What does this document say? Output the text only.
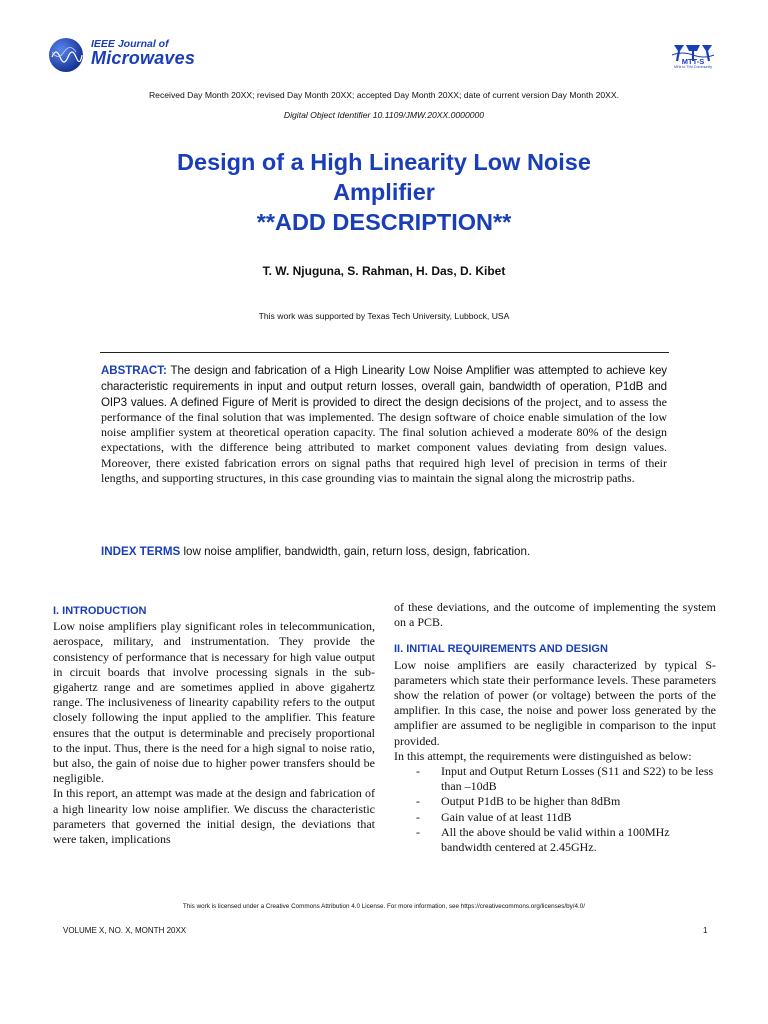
IEEE Journal of
Microwaves	MTT-S
MHz to THz Community
Received Day Month 20XX; revised Day Month 20XX; accepted Day Month 20XX; date of current version Day Month 20XX.
Digital Object Identifier 10.1109/JMW.20XX.0000000
Design of a High Linearity Low Noise
Amplifier
**ADD DESCRIPTION**
T. W. Njuguna, S. Rahman, H. Das, D. Kibet
This work was supported by Texas Tech University, Lubbock, USA
ABSTRACT: The design and fabrication of a High Linearity Low Noise Amplifier was attempted to achieve key characteristic requirements in input and output return losses, overall gain, bandwidth of operation, P1dB and OIP3 values. A defined Figure of Merit is provided to direct the design decisions of the project, and to assess the performance of the final solution that was implemented. The design software of choice enable simulation of the low noise amplifier system at theoretical operation capacity. The final solution achieved a moderate 80% of the design expectations, with the difference being attributed to market component values deviating from design values. Moreover, there existed fabrication errors on signal paths that required high level of precision in terms of their lengths, and supporting structures, in this case grounding vias to maintain the signal along the microstrip paths.
INDEX TERMS low noise amplifier, bandwidth, gain, return loss, design, fabrication.
I. INTRODUCTION

Low noise amplifiers play significant roles in telecommunication, aerospace, military, and instrumentation. They provide the consistency of performance that is necessary for high value output in circuit boards that involve processing signals in the sub-gigahertz range and are sometimes applied in above gigahertz range. The inclusiveness of linearity capability refers to the output closely following the input applied to the amplifier. This feature ensures that the output is determinable and precisely proportional to the input. Thus, there is the need for a high signal to noise ratio, but also, the gain of noise due to higher power transfers should be negligible.

In this report, an attempt was made at the design and fabrication of a high linearity low noise amplifier. We discuss the characteristic parameters that governed the initial design, the deviations that were taken, implications

of these deviations, and the outcome of implementing the system on a PCB.

II. INITIAL REQUIREMENTS AND DESIGN

Low noise amplifiers are easily characterized by typical S-parameters which state their performance levels. These parameters show the relation of power (or voltage) between the ports of the amplifier. In this case, the noise and power loss generated by the amplifier are assumed to be negligible in comparison to the input provided.

In this attempt, the requirements were distinguished as below:

-	Input and Output Return Losses (S11 and S22) to be less than –10dB
-	Output P1dB to be higher than 8dBm
-	Gain value of at least 11dB
-	All the above should be valid within a 100MHz bandwidth centered at 2.45GHz.
This work is licensed under a Creative Commons Attribution 4.0 License. For more information, see https://creativecommons.org/licenses/by/4.0/
VOLUME X, NO. X, MONTH 20XX	1
